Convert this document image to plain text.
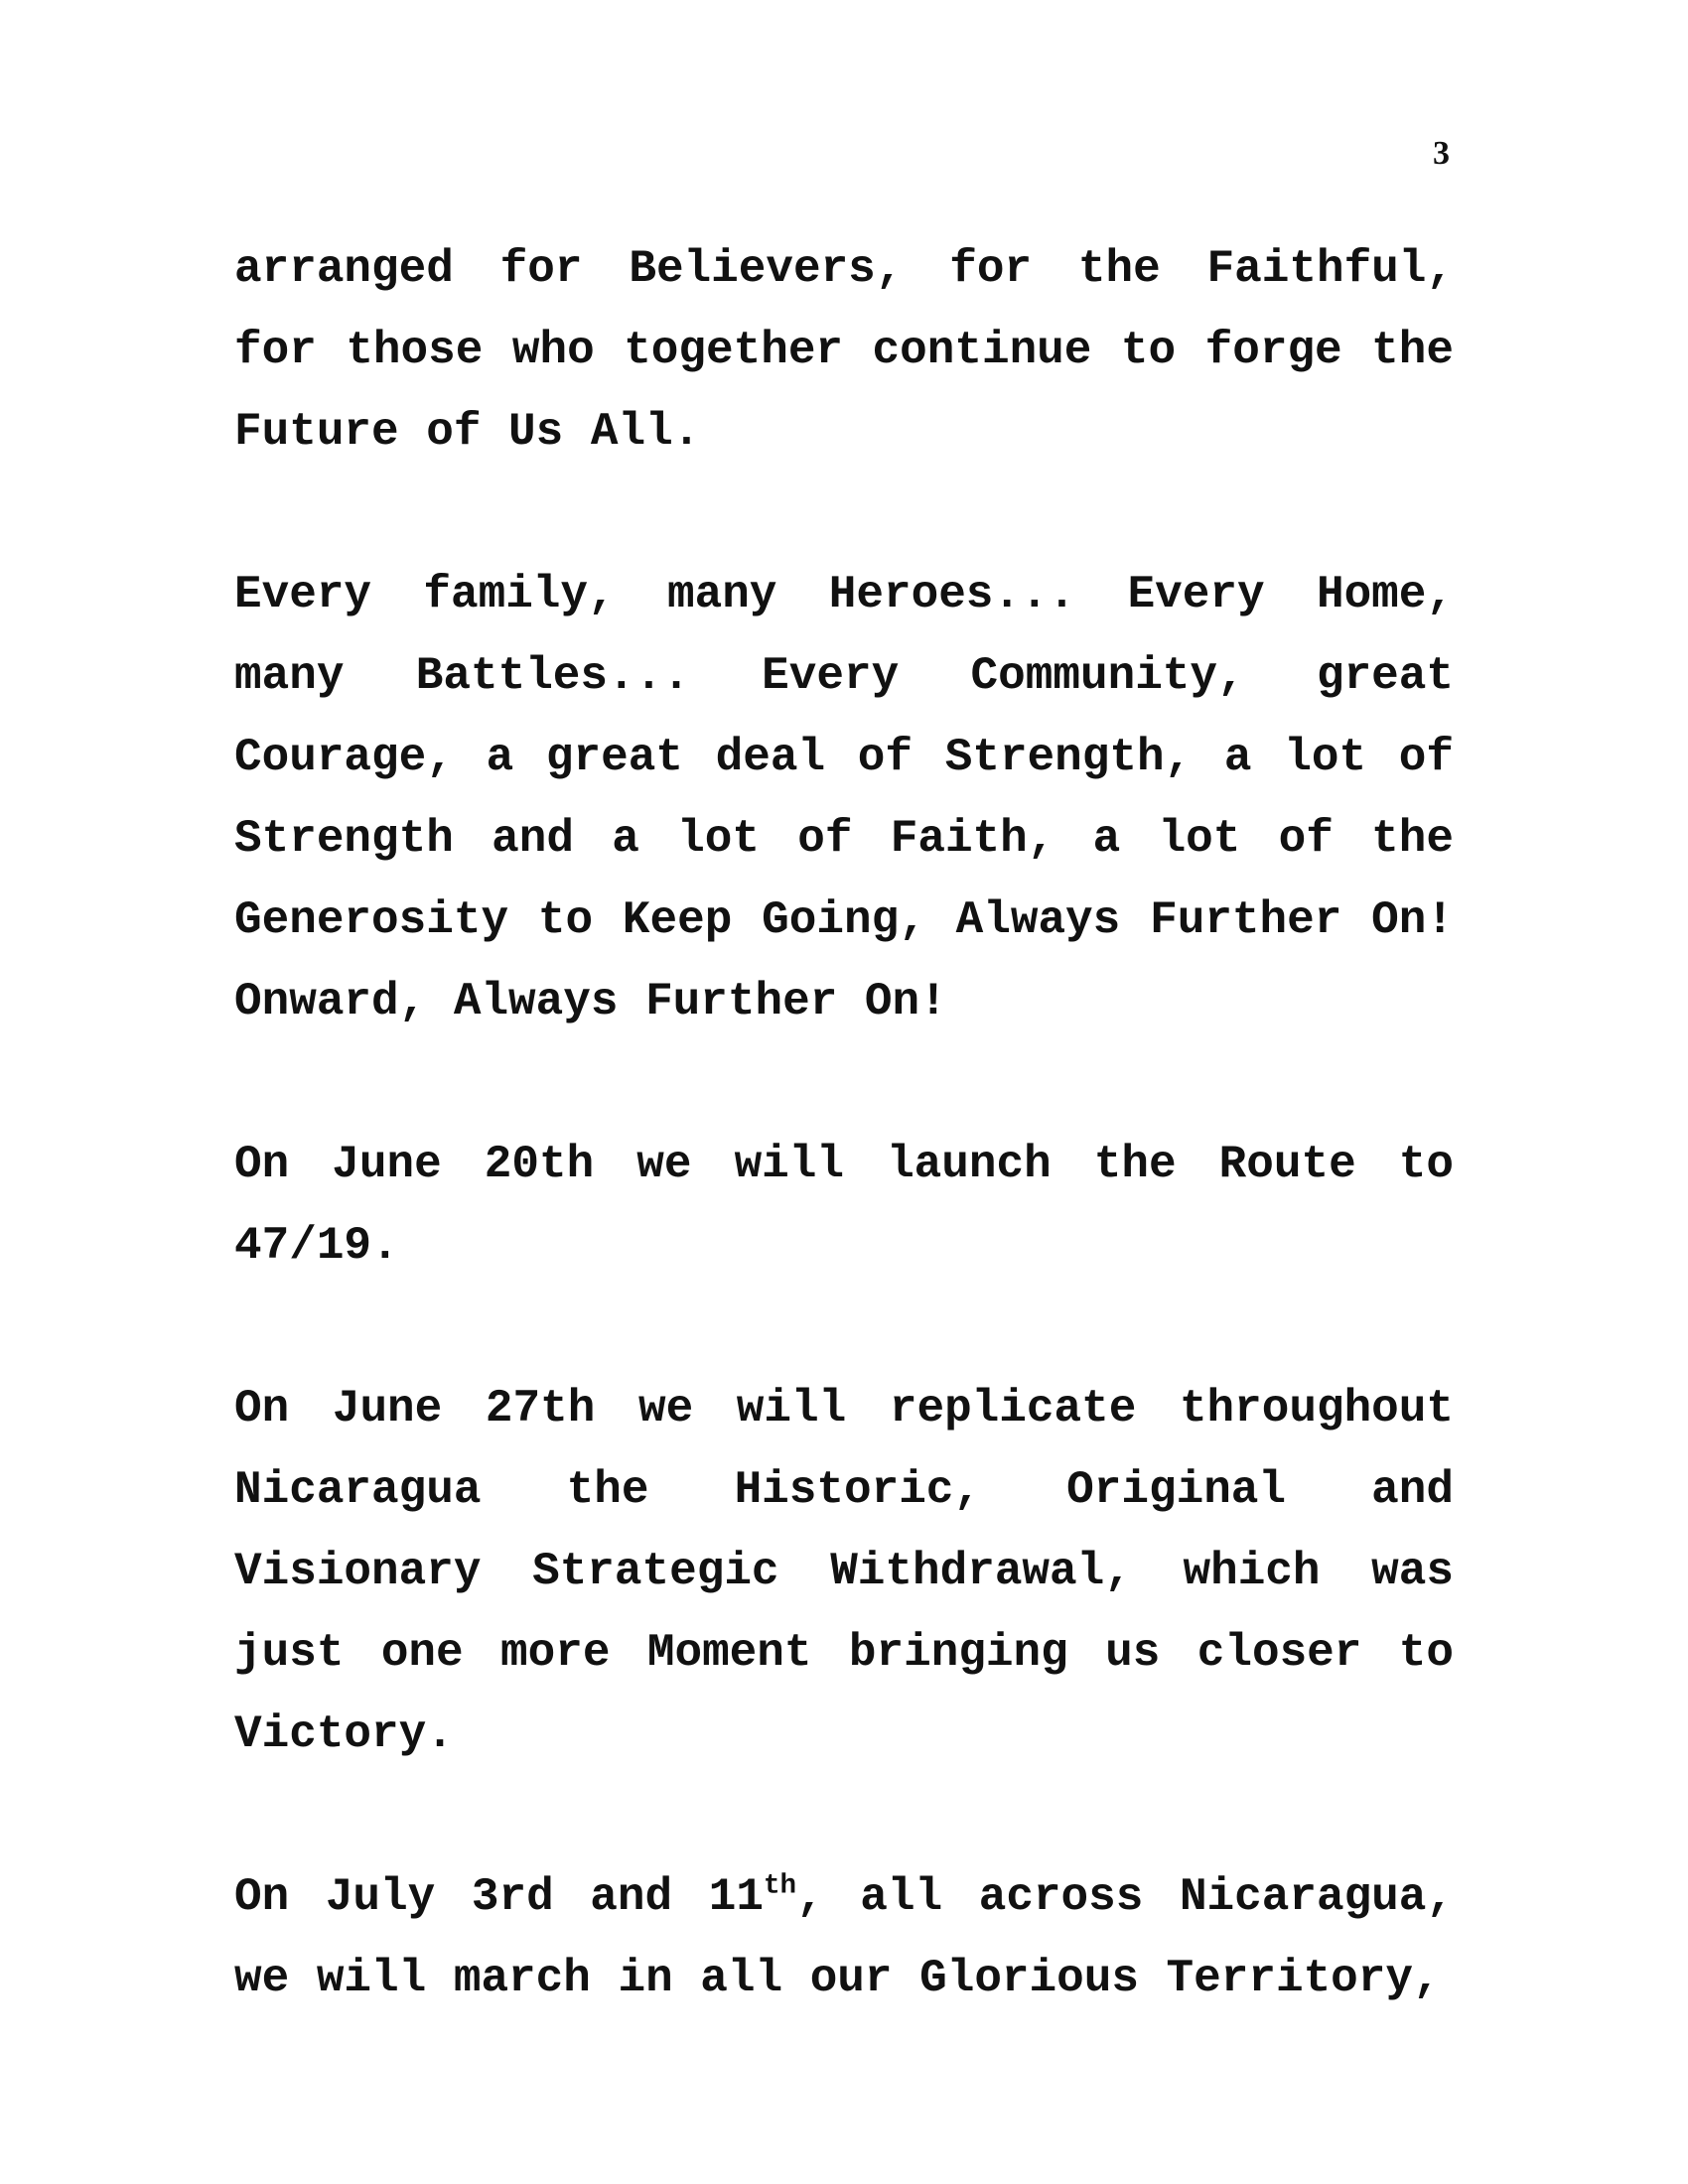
3

arranged for Believers, for the Faithful, for those who together continue to forge the Future of Us All.

Every family, many Heroes... Every Home, many Battles... Every Community, great Courage, a great deal of Strength, a lot of Strength and a lot of Faith, a lot of the Generosity to Keep Going, Always Further On! Onward, Always Further On!

On June 20th we will launch the Route to 47/19.

On June 27th we will replicate throughout Nicaragua the Historic, Original and Visionary Strategic Withdrawal, which was just one more Moment bringing us closer to Victory.

On July 3rd and 11th, all across Nicaragua, we will march in all our Glorious Territory,
